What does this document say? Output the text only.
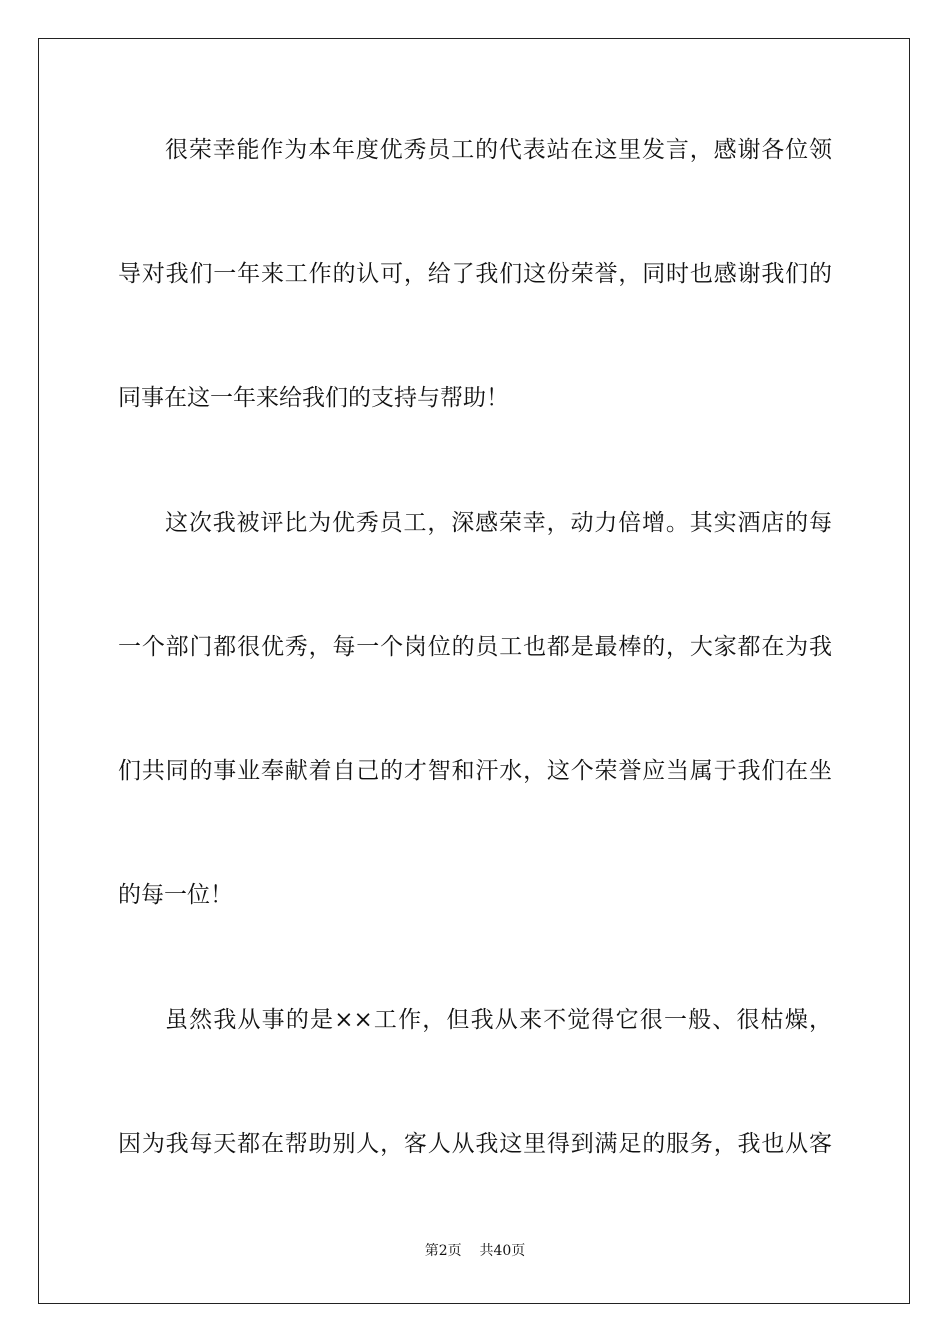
很荣幸能作为本年度优秀员工的代表站在这里发言，感谢各位领
导对我们一年来工作的认可，给了我们这份荣誉，同时也感谢我们的
同事在这一年来给我们的支持与帮助！
这次我被评比为优秀员工，深感荣幸，动力倍增。其实酒店的每
一个部门都很优秀，每一个岗位的员工也都是最棒的，大家都在为我
们共同的事业奉献着自己的才智和汗水，这个荣誉应当属于我们在坐
的每一位！
虽然我从事的是××工作，但我从来不觉得它很一般、很枯燥，
因为我每天都在帮助别人，客人从我这里得到满足的服务，我也从客
第2页 共40页
